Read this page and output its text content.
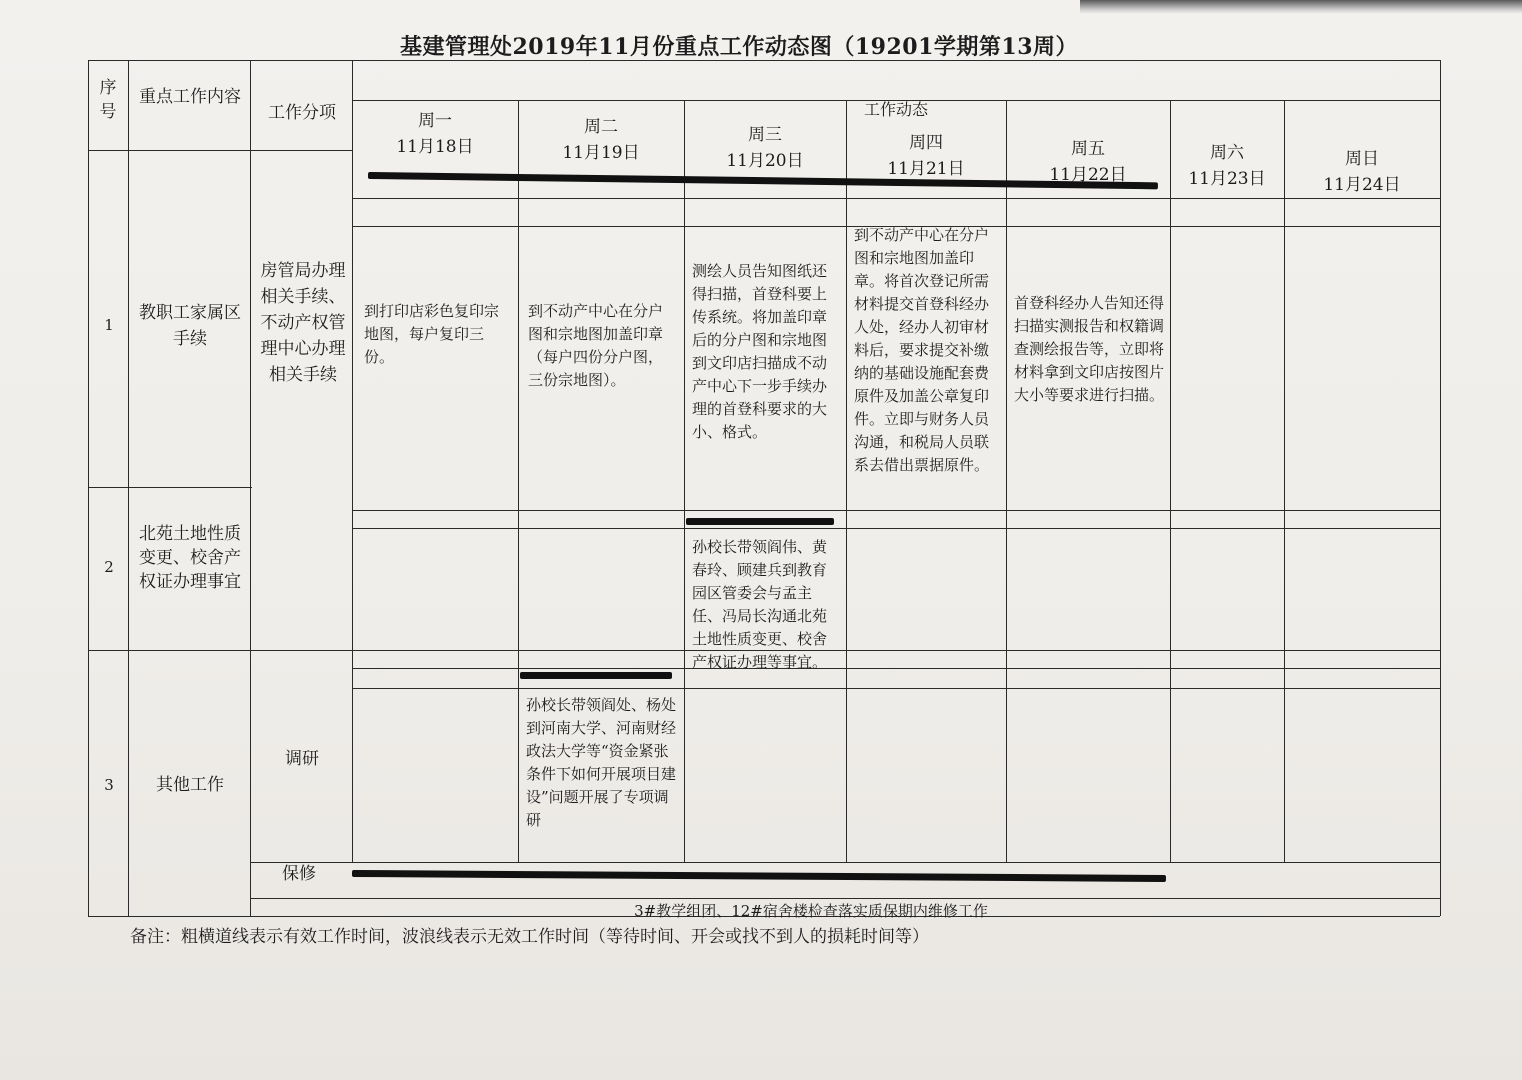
基建管理处2019年11月份重点工作动态图（19201学期第13周）
序号
重点工作内容
工作分项	工作动态
周一
11月18日
周二
11月19日
周三
11月20日
周四
11月21日
周五
11月22日
周六
11月23日
周日
11月24日
1
教职工家属区手续
房管局办理相关手续、不动产权管理中心办理相关手续
到打印店彩色复印宗地图，每户复印三份。
到不动产中心在分户图和宗地图加盖印章（每户四份分户图，三份宗地图）。
测绘人员告知图纸还得扫描，首登科要上传系统。将加盖印章后的分户图和宗地图到文印店扫描成不动产中心下一步手续办理的首登科要求的大小、格式。
到不动产中心在分户图和宗地图加盖印章。将首次登记所需材料提交首登科经办人处，经办人初审材料后，要求提交补缴纳的基础设施配套费原件及加盖公章复印件。立即与财务人员沟通，和税局人员联系去借出票据原件。
首登科经办人告知还得扫描实测报告和权籍调查测绘报告等，立即将材料拿到文印店按图片大小等要求进行扫描。
2
北苑土地性质变更、校舍产权证办理事宜
孙校长带领阎伟、黄春玲、顾建兵到教育园区管委会与孟主任、冯局长沟通北苑土地性质变更、校舍产权证办理等事宜。
3	其他工作
调研
孙校长带领阎处、杨处到河南大学、河南财经政法大学等“资金紧张条件下如何开展项目建设”问题开展了专项调研
保修
3#教学组团、12#宿舍楼检查落实质保期内维修工作
备注：粗横道线表示有效工作时间，波浪线表示无效工作时间（等待时间、开会或找不到人的损耗时间等）
